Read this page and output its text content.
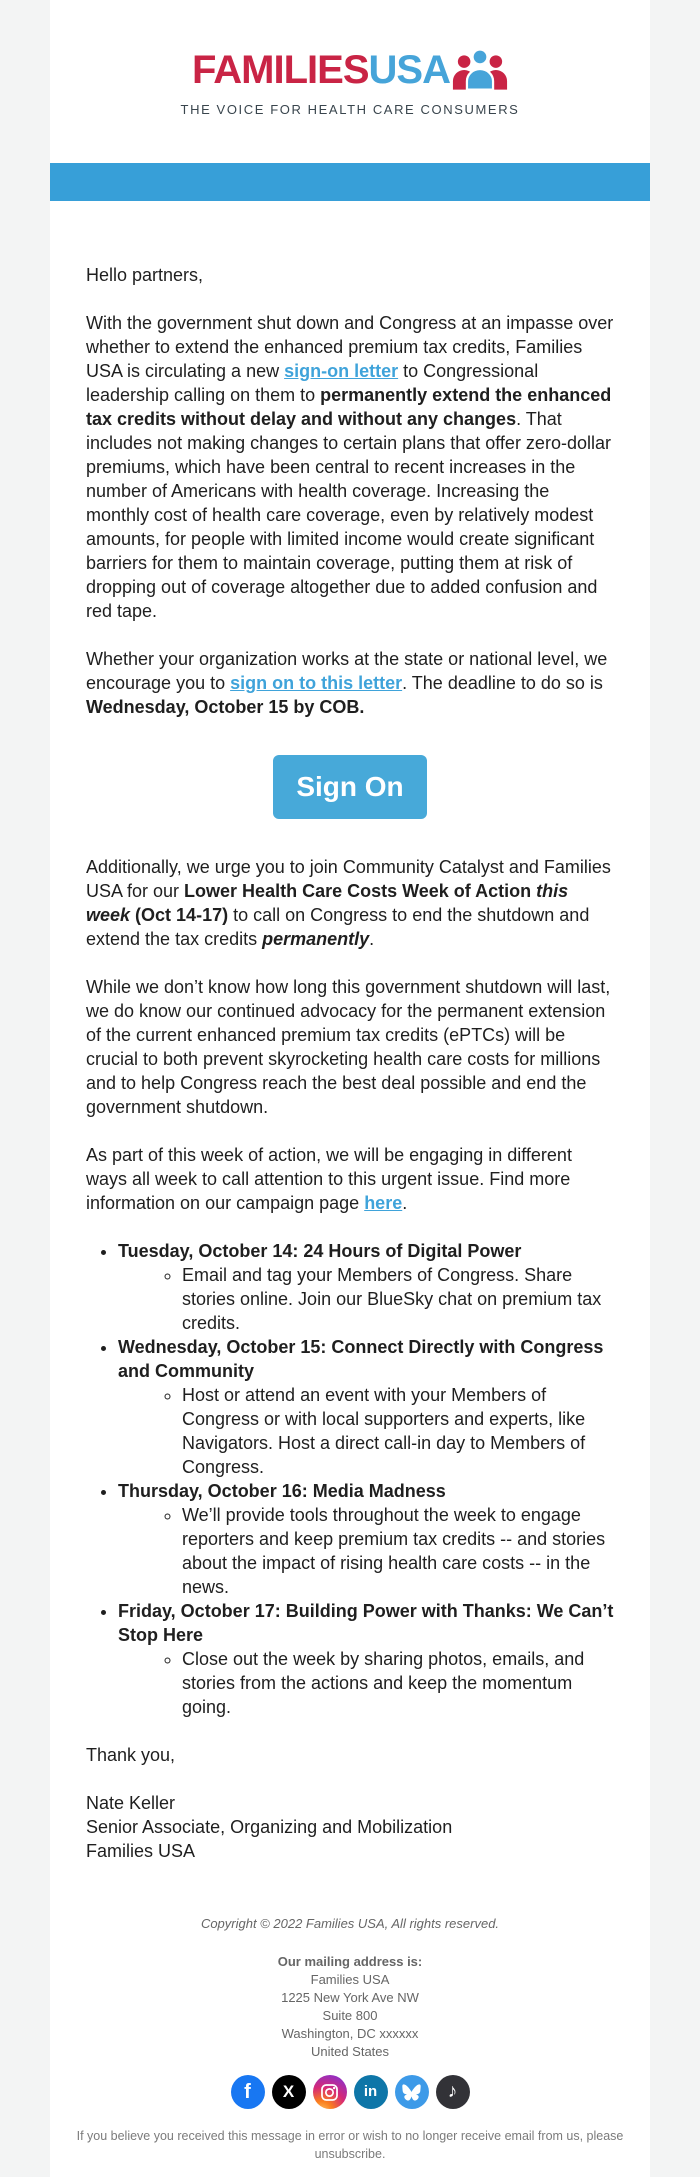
FAMILIES USA
THE VOICE FOR HEALTH CARE CONSUMERS

Hello partners,

With the government shut down and Congress at an impasse over whether to extend the enhanced premium tax credits, Families USA is circulating a new sign-on letter to Congressional leadership calling on them to permanently extend the enhanced tax credits without delay and without any changes. That includes not making changes to certain plans that offer zero-dollar premiums, which have been central to recent increases in the number of Americans with health coverage. Increasing the monthly cost of health care coverage, even by relatively modest amounts, for people with limited income would create significant barriers for them to maintain coverage, putting them at risk of dropping out of coverage altogether due to added confusion and red tape.

Whether your organization works at the state or national level, we encourage you to sign on to this letter. The deadline to do so is Wednesday, October 15 by COB.

Sign On

Additionally, we urge you to join Community Catalyst and Families USA for our Lower Health Care Costs Week of Action this week (Oct 14-17) to call on Congress to end the shutdown and extend the tax credits permanently.

While we don’t know how long this government shutdown will last, we do know our continued advocacy for the permanent extension of the current enhanced premium tax credits (ePTCs) will be crucial to both prevent skyrocketing health care costs for millions and to help Congress reach the best deal possible and end the government shutdown.

As part of this week of action, we will be engaging in different ways all week to call attention to this urgent issue. Find more information on our campaign page here.

• Tuesday, October 14: 24 Hours of Digital Power
◦ Email and tag your Members of Congress. Share stories online. Join our BlueSky chat on premium tax credits.
• Wednesday, October 15: Connect Directly with Congress and Community
◦ Host or attend an event with your Members of Congress or with local supporters and experts, like Navigators. Host a direct call-in day to Members of Congress.
• Thursday, October 16: Media Madness
◦ We’ll provide tools throughout the week to engage reporters and keep premium tax credits -- and stories about the impact of rising health care costs -- in the news.
• Friday, October 17: Building Power with Thanks: We Can’t Stop Here
◦ Close out the week by sharing photos, emails, and stories from the actions and keep the momentum going.

Thank you,

Nate Keller
Senior Associate, Organizing and Mobilization
Families USA
Copyright © 2022 Families USA, All rights reserved.
Our mailing address is:
Families USA
1225 New York Ave NW
Suite 800
Washington, DC xxxxxx
United States
f X	in	♪
If you believe you received this message in error or wish to no longer receive email from us, please unsubscribe.
